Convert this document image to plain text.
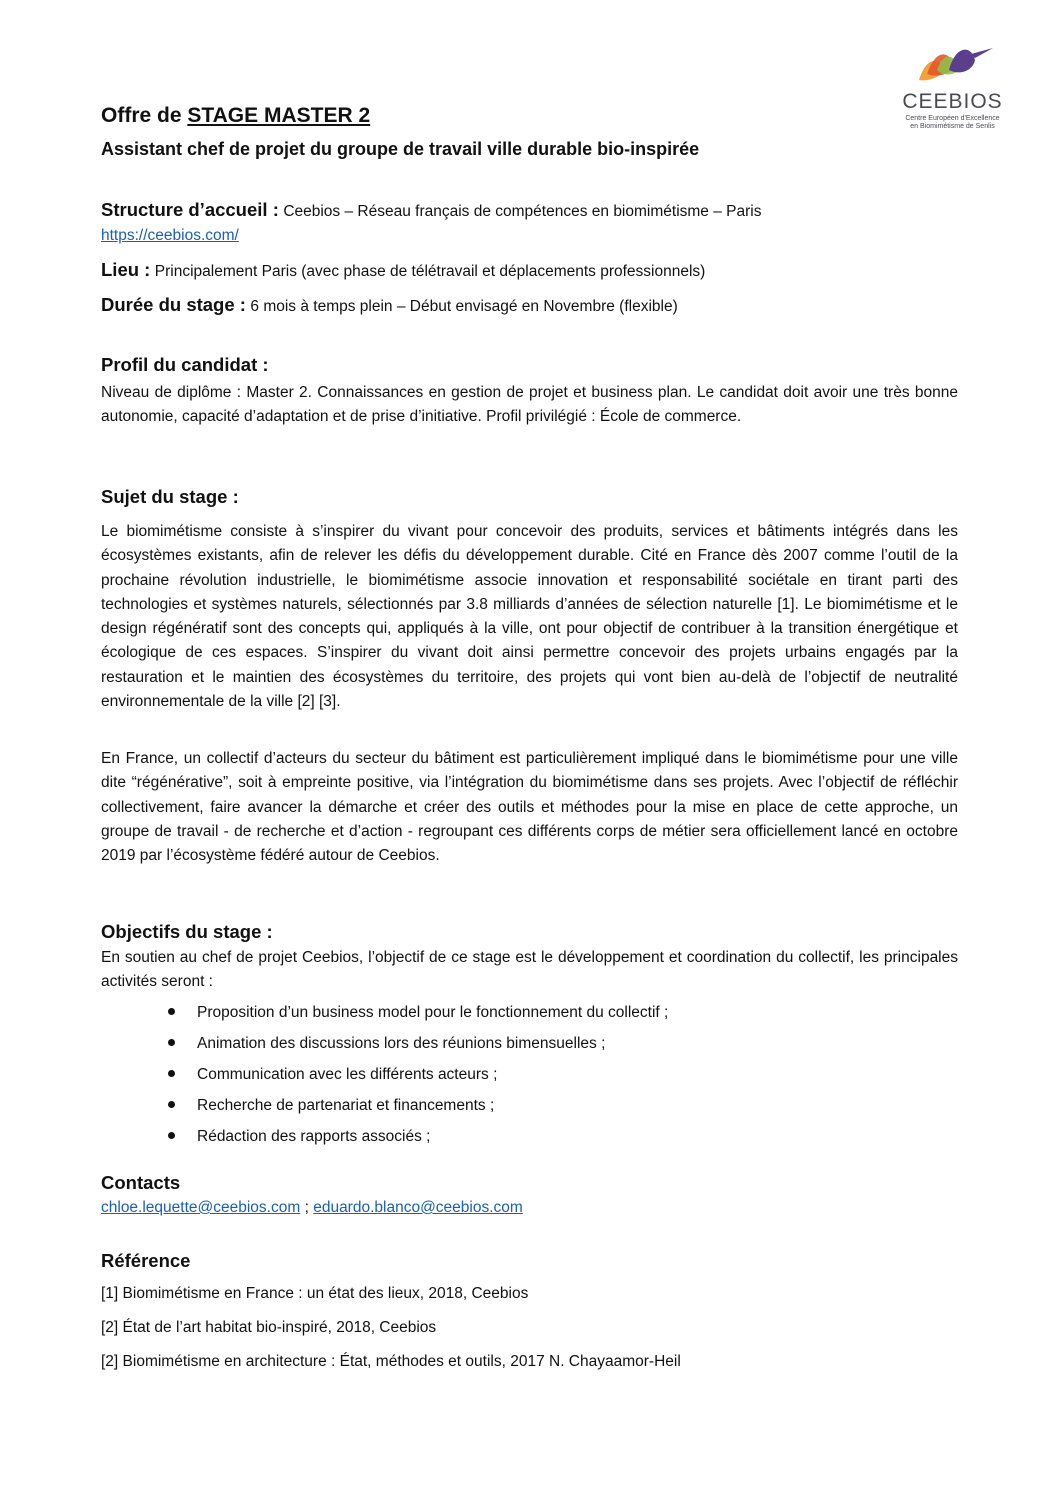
CEEBIOS
Centre Européen d'Excellence
en Biomimétisme de Senlis
Offre de STAGE MASTER 2
Assistant chef de projet du groupe de travail ville durable bio-inspirée
Structure d’accueil : Ceebios – Réseau français de compétences en biomimétisme – Paris
https://ceebios.com/
Lieu : Principalement Paris (avec phase de télétravail et déplacements professionnels)
Durée du stage : 6 mois à temps plein – Début envisagé en Novembre (flexible)
Profil du candidat :

Niveau de diplôme : Master 2. Connaissances en gestion de projet et business plan. Le candidat doit avoir une très bonne autonomie, capacité d’adaptation et de prise d’initiative. Profil privilégié : École de commerce.

Sujet du stage :

Le biomimétisme consiste à s’inspirer du vivant pour concevoir des produits, services et bâtiments intégrés dans les écosystèmes existants, afin de relever les défis du développement durable. Cité en France dès 2007 comme l’outil de la prochaine révolution industrielle, le biomimétisme associe innovation et responsabilité sociétale en tirant parti des technologies et systèmes naturels, sélectionnés par 3.8 milliards d’années de sélection naturelle [1]. Le biomimétisme et le design régénératif sont des concepts qui, appliqués à la ville, ont pour objectif de contribuer à la transition énergétique et écologique de ces espaces. S’inspirer du vivant doit ainsi permettre concevoir des projets urbains engagés par la restauration et le maintien des écosystèmes du territoire, des projets qui vont bien au-delà de l’objectif de neutralité environnementale de la ville [2] [3].

En France, un collectif d’acteurs du secteur du bâtiment est particulièrement impliqué dans le biomimétisme pour une ville dite “régénérative”, soit à empreinte positive, via l’intégration du biomimétisme dans ses projets. Avec l’objectif de réfléchir collectivement, faire avancer la démarche et créer des outils et méthodes pour la mise en place de cette approche, un groupe de travail - de recherche et d’action - regroupant ces différents corps de métier sera officiellement lancé en octobre 2019 par l’écosystème fédéré autour de Ceebios.

Objectifs du stage :

En soutien au chef de projet Ceebios, l’objectif de ce stage est le développement et coordination du collectif, les principales activités seront :

Proposition d’un business model pour le fonctionnement du collectif ;
Animation des discussions lors des réunions bimensuelles ;
Communication avec les différents acteurs ;
Recherche de partenariat et financements ;
Rédaction des rapports associés ;
Contacts
chloe.lequette@ceebios.com ; eduardo.blanco@ceebios.com
Référence
[1] Biomimétisme en France : un état des lieux, 2018, Ceebios
[2] État de l’art habitat bio-inspiré, 2018, Ceebios
[2] Biomimétisme en architecture : État, méthodes et outils, 2017 N. Chayaamor-Heil
